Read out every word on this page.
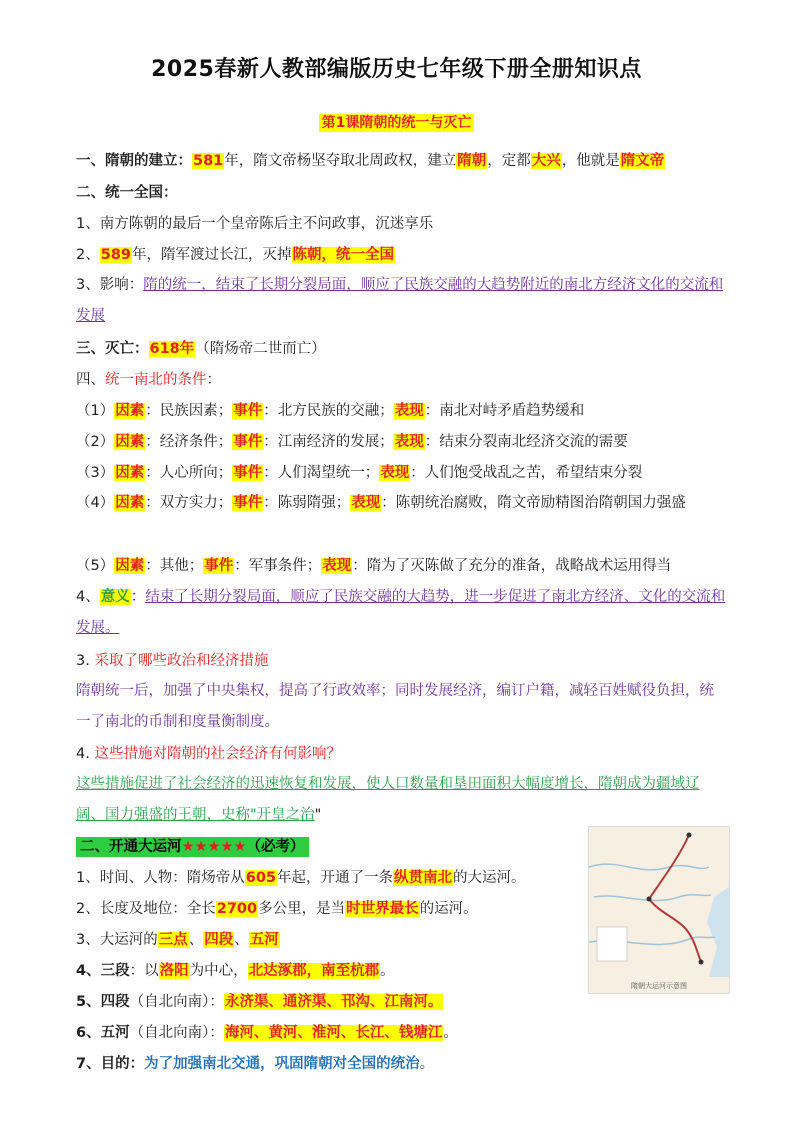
2025春新人教部编版历史七年级下册全册知识点
第1课隋朝的统一与灭亡
一、隋朝的建立：581年，隋文帝杨坚夺取北周政权，建立隋朝，定都大兴，他就是隋文帝
二、统一全国：
1、南方陈朝的最后一个皇帝陈后主不问政事，沉迷享乐
2、589年，隋军渡过长江，灭掉陈朝，统一全国
3、影响：隋的统一，结束了长期分裂局面，顺应了民族交融的大趋势附近的南北方经济文化的交流和发展
三、灭亡：618年（隋炀帝二世而亡）
四、统一南北的条件：
（1）因素：民族因素；事件：北方民族的交融；表现：南北对峙矛盾趋势缓和
（2）因素：经济条件；事件：江南经济的发展；表现：结束分裂南北经济交流的需要
（3）因素：人心所向；事件：人们渴望统一；表现：人们饱受战乱之苦，希望结束分裂
（4）因素：双方实力；事件：陈弱隋强；表现：陈朝统治腐败，隋文帝励精图治隋朝国力强盛
（5）因素：其他；事件：军事条件；表现：隋为了灭陈做了充分的准备，战略战术运用得当
4、意义：结束了长期分裂局面，顺应了民族交融的大趋势，进一步促进了南北方经济、文化的交流和发展。
3. 采取了哪些政治和经济措施
隋朝统一后，加强了中央集权，提高了行政效率；同时发展经济，编订户籍，减轻百姓赋役负担，统一了南北的币制和度量衡制度。
4. 这些措施对隋朝的社会经济有何影响？
这些措施促进了社会经济的迅速恢复和发展，使人口数量和垦田面积大幅度增长，隋朝成为疆域辽阔、国力强盛的王朝，史称"开皇之治"
二、开通大运河★★★★★（必考）
1、时间、人物：隋炀帝从605年起，开通了一条纵贯南北的大运河。
2、长度及地位：全长2700多公里，是当时世界最长的运河。
3、大运河的三点、四段、五河
4、三段：以洛阳为中心，北达涿郡，南至杭郡。
5、四段（自北向南）：永济渠、通济渠、邗沟、江南河。
6、五河（自北向南）：海河、黄河、淮河、长江、钱塘江。
7、目的：为了加强南北交通，巩固隋朝对全国的统治。
隋朝大运河示意图
